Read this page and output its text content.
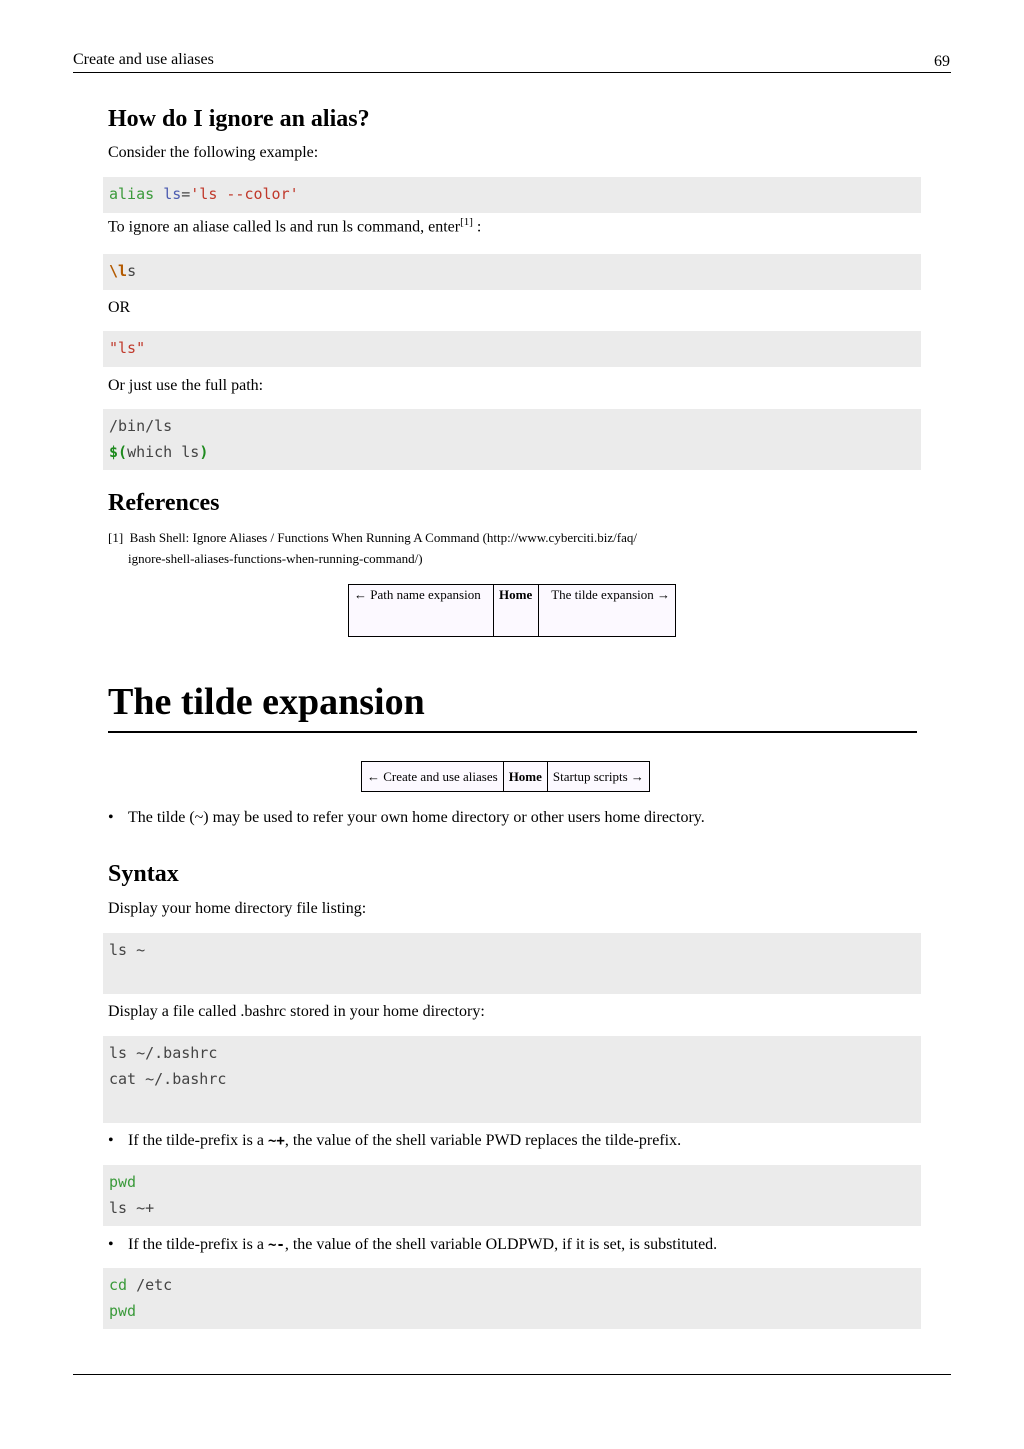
Create and use aliases	69
How do I ignore an alias?

Consider the following example:

alias ls='ls --color'

To ignore an aliase called ls and run ls command, enter[1] :

\ls

OR

"ls"

Or just use the full path:

/bin/ls
$(which ls)
References
[1] Bash Shell: Ignore Aliases / Functions When Running A Command (http://www.cyberciti.biz/faq/
ignore-shell-aliases-functions-when-running-command/)
← Path name expansion	Home	The tilde expansion →
The tilde expansion
← Create and use aliases	Home	Startup scripts →
• The tilde (~) may be used to refer your own home directory or other users home directory.
Syntax

Display your home directory file listing:

ls ~

Display a file called .bashrc stored in your home directory:

ls ~/.bashrc
cat ~/.bashrc
• If the tilde-prefix is a ~+, the value of the shell variable PWD replaces the tilde-prefix.
pwd
ls ~+
• If the tilde-prefix is a ~-, the value of the shell variable OLDPWD, if it is set, is substituted.
cd /etc
pwd
